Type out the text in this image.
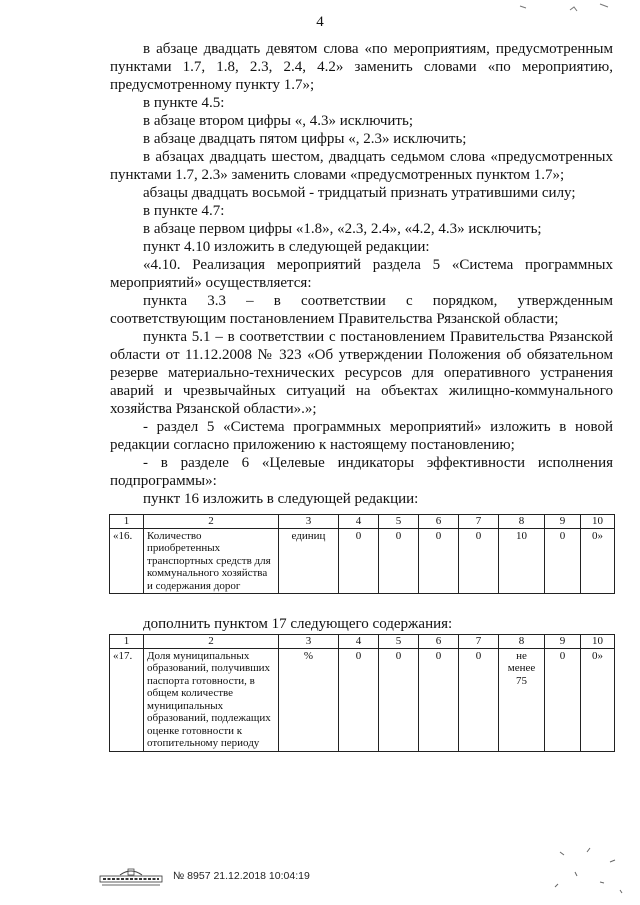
4

в абзаце двадцать девятом слова «по мероприятиям, предусмотренным пунктами 1.7, 1.8, 2.3, 2.4, 4.2» заменить словами «по мероприятию, предусмотренному пункту 1.7»;

в пункте 4.5:

в абзаце втором цифры «, 4.3» исключить;

в абзаце двадцать пятом цифры «, 2.3» исключить;

в абзацах двадцать шестом, двадцать седьмом слова «предусмотренных пунктами 1.7, 2.3» заменить словами «предусмотренных пунктом 1.7»;

абзацы двадцать восьмой - тридцатый признать утратившими силу;

в пункте 4.7:

в абзаце первом цифры «1.8», «2.3, 2.4», «4.2, 4.3» исключить;

пункт 4.10 изложить в следующей редакции:

«4.10. Реализация мероприятий раздела 5 «Система программных мероприятий» осуществляется:

пункта 3.3 – в соответствии с порядком, утвержденным соответствующим постановлением Правительства Рязанской области;

пункта 5.1 – в соответствии с постановлением Правительства Рязанской области от 11.12.2008 № 323 «Об утверждении Положения об обязательном резерве материально-технических ресурсов для оперативного устранения аварий и чрезвычайных ситуаций на объектах жилищно-коммунального хозяйства Рязанской области».»;

- раздел 5 «Система программных мероприятий» изложить в новой редакции согласно приложению к настоящему постановлению;

- в разделе 6 «Целевые индикаторы эффективности исполнения подпрограммы»:

пункт 16 изложить в следующей редакции:

1	2	3	4	5	6	7	8	9	10
«16.	Количество приобретенных транспортных средств для коммунального хозяйства и содержания дорог	единиц	0	0	0	0	10	0	0»
дополнить пунктом 17 следующего содержания:
1	2	3	4	5	6	7	8	9	10
«17.	Доля муниципальных образований, получивших паспорта готовности, в общем количестве муниципальных образований, подлежащих оценке готовности к отопительному периоду	%	0	0	0	0	не менее 75	0	0»
№ 8957 21.12.2018 10:04:19
